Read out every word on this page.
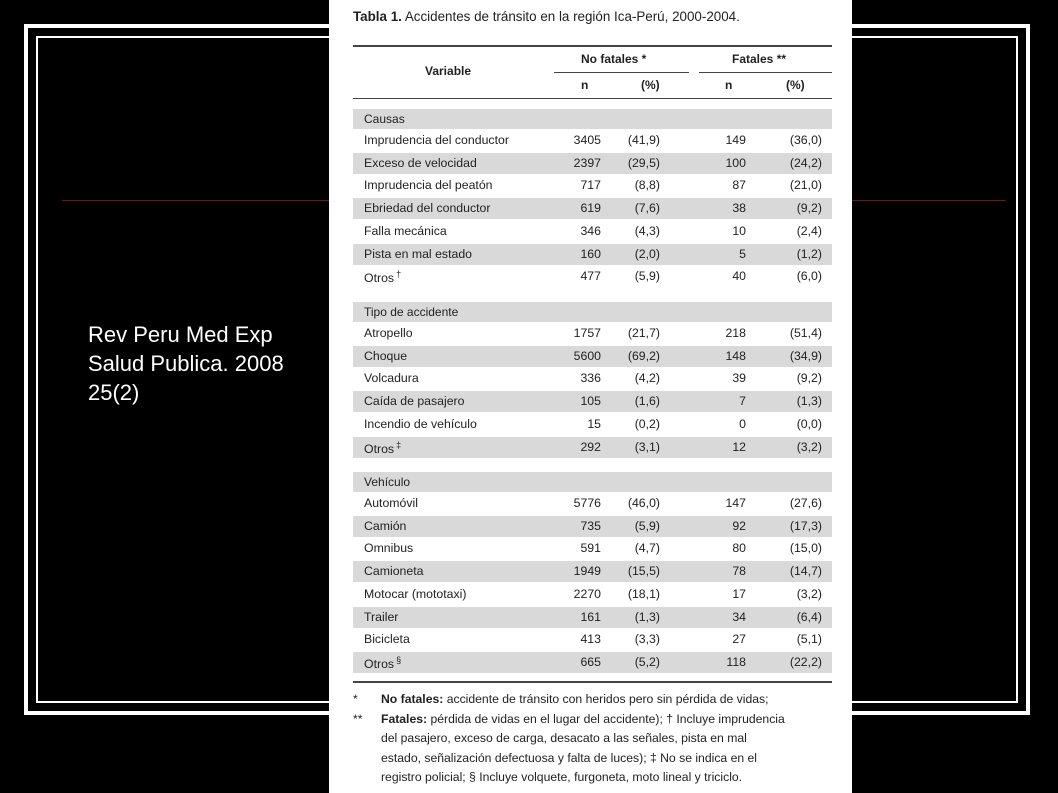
Rev Peru Med Exp
Salud Publica. 2008
25(2)
Tabla 1. Accidentes de tránsito en la región Ica-Perú, 2000-2004.
Variable
No fatales *	Fatales **
n	(%)	n	(%)
Causas
Imprudencia del conductor	3405 (41,9)	149	(36,0)
Exceso de velocidad	2397 (29,5)	100	(24,2)
Imprudencia del peatón	717	(8,8)	87	(21,0)
Ebriedad del conductor	619	(7,6)	38	(9,2)
Falla mecánica	346	(4,3)	10	(2,4)
Pista en mal estado	160	(2,0)	5	(1,2)
Otros †	477	(5,9)	40	(6,0)
Tipo de accidente
Atropello	1757 (21,7)	218	(51,4)
Choque	5600 (69,2)	148	(34,9)
Volcadura	336	(4,2)	39	(9,2)
Caída de pasajero	105	(1,6)	7	(1,3)
Incendio de vehículo	15	(0,2)	0	(0,0)
Otros ‡	292	(3,1)	12	(3,2)
Vehículo
Automóvil	5776 (46,0)	147	(27,6)
Camión	735	(5,9)	92	(17,3)
Omnibus	591	(4,7)	80	(15,0)
Camioneta	1949 (15,5)	78	(14,7)
Motocar (mototaxi)	2270 (18,1)	17	(3,2)
Trailer	161	(1,3)	34	(6,4)
Bicicleta	413	(3,3)	27	(5,1)
Otros §	665	(5,2)	118	(22,2)
*	No fatales: accidente de tránsito con heridos pero sin pérdida de vidas;
**	Fatales: pérdida de vidas en el lugar del accidente); † Incluye imprudencia
del pasajero, exceso de carga, desacato a las señales, pista en mal
estado, señalización defectuosa y falta de luces); ‡ No se indica en el
registro policial; § Incluye volquete, furgoneta, moto lineal y triciclo.
